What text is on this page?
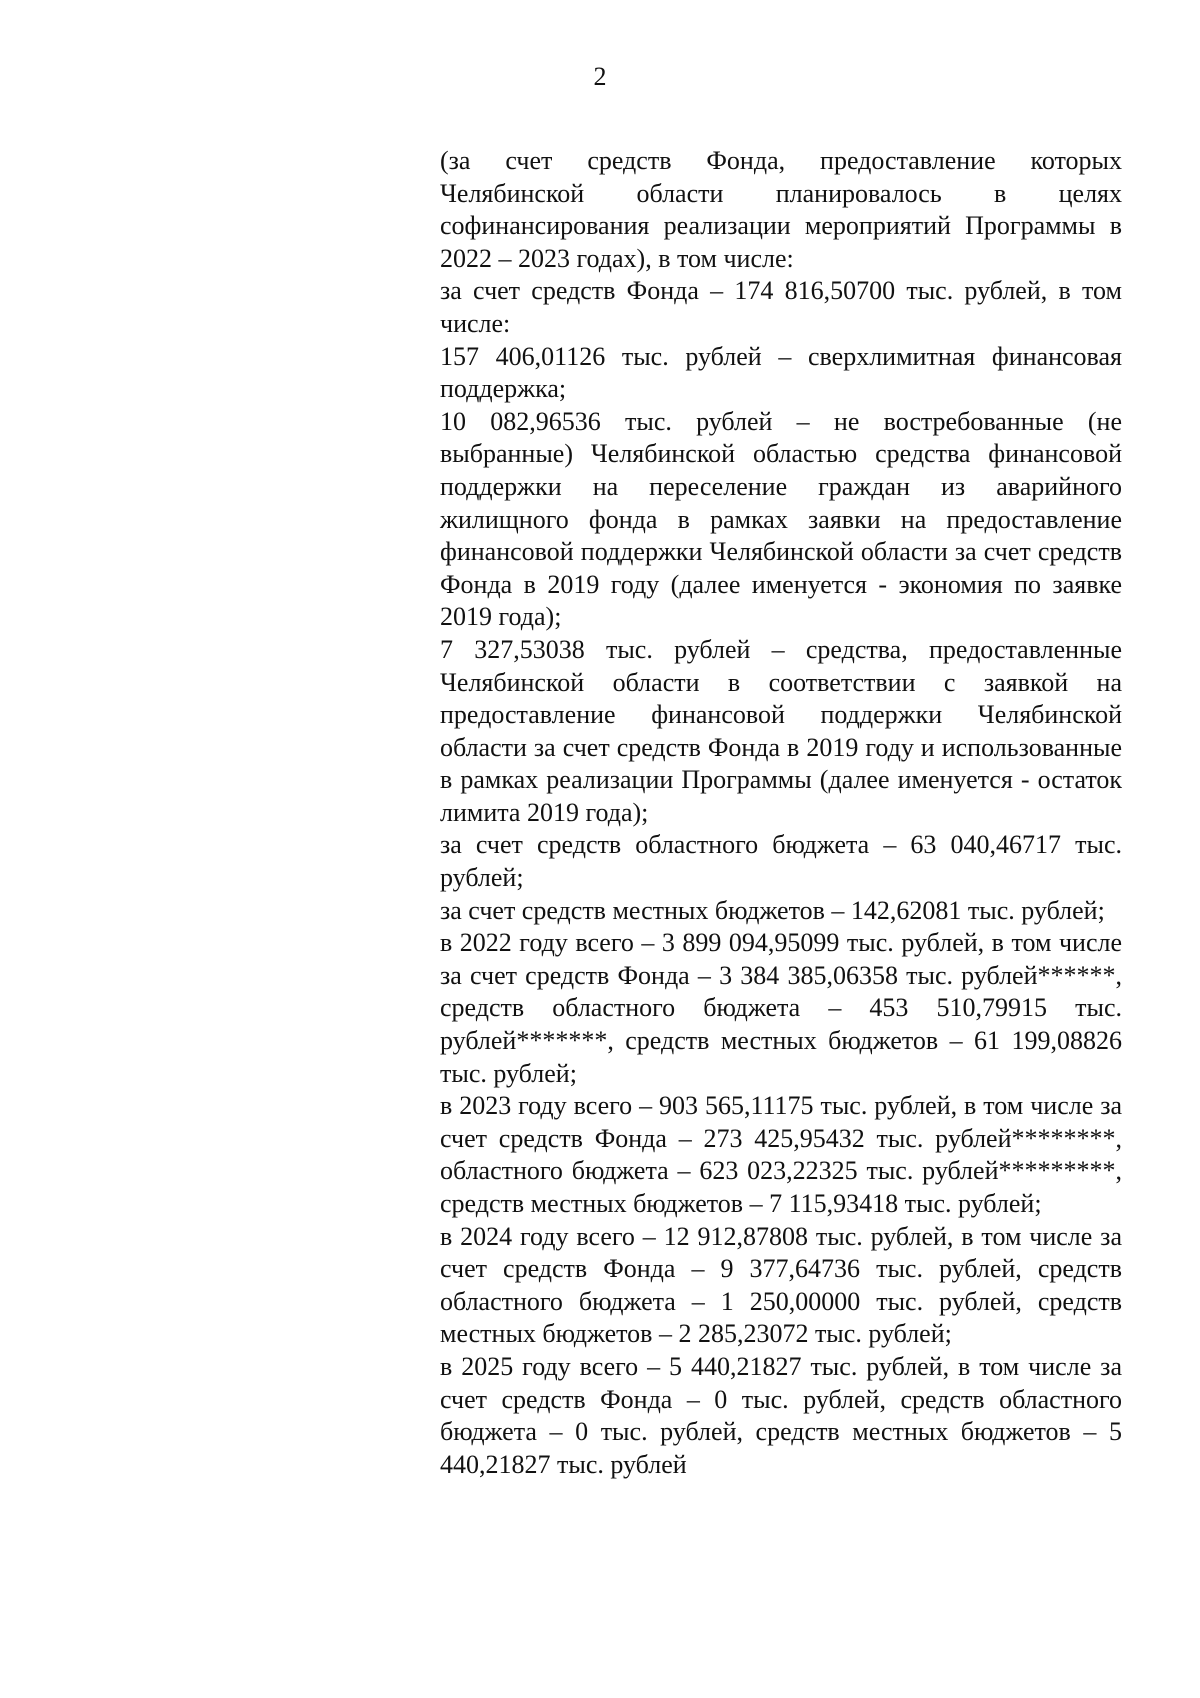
2

(за счет средств Фонда, предоставление которых Челябинской области планировалось в целях софинансирования реализации мероприятий Программы в 2022 – 2023 годах), в том числе:

за счет средств Фонда – 174 816,50700 тыс. рублей, в том числе:

157 406,01126 тыс. рублей – сверхлимитная финансовая поддержка;

10 082,96536 тыс. рублей – не востребованные (не выбранные) Челябинской областью средства финансовой поддержки на переселение граждан из аварийного жилищного фонда в рамках заявки на предоставление финансовой поддержки Челябинской области за счет средств Фонда в 2019 году (далее именуется - экономия по заявке 2019 года);

7 327,53038 тыс. рублей – средства, предоставленные Челябинской области в соответствии с заявкой на предоставление финансовой поддержки Челябинской области за счет средств Фонда в 2019 году и использованные в рамках реализации Программы (далее именуется - остаток лимита 2019 года);

за счет средств областного бюджета – 63 040,46717 тыс. рублей;

за счет средств местных бюджетов – 142,62081 тыс. рублей;

в 2022 году всего – 3 899 094,95099 тыс. рублей, в том числе за счет средств Фонда – 3 384 385,06358 тыс. рублей******, средств областного бюджета – 453 510,79915 тыс. рублей*******, средств местных бюджетов – 61 199,08826 тыс. рублей;

в 2023 году всего – 903 565,11175 тыс. рублей, в том числе за счет средств Фонда – 273 425,95432 тыс. рублей********, областного бюджета – 623 023,22325 тыс. рублей*********, средств местных бюджетов – 7 115,93418 тыс. рублей;

в 2024 году всего – 12 912,87808 тыс. рублей, в том числе за счет средств Фонда – 9 377,64736 тыс. рублей, средств областного бюджета – 1 250,00000 тыс. рублей, средств местных бюджетов – 2 285,23072 тыс. рублей;

в 2025 году всего – 5 440,21827 тыс. рублей, в том числе за счет средств Фонда – 0 тыс. рублей, средств областного бюджета – 0 тыс. рублей, средств местных бюджетов – 5 440,21827 тыс. рублей
